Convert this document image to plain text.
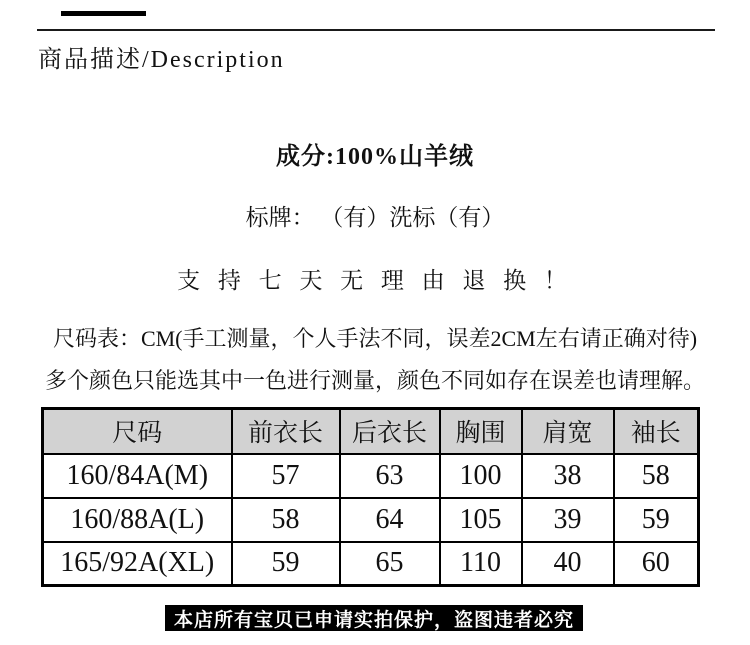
商品描述/Description
成分:100%山羊绒
标牌： （有）洗标（有）
支 持 七 天 无 理 由 退 换 ！
尺码表：CM(手工测量，个人手法不同，误差2CM左右请正确对待)
多个颜色只能选其中一色进行测量，颜色不同如存在误差也请理解。
尺码	前衣长	后衣长	胸围	肩宽	袖长
160/84A(M)	57	63	100	38	58
160/88A(L)	58	64	105	39	59
165/92A(XL)	59	65	110	40	60
本店所有宝贝已申请实拍保护，盗图违者必究
